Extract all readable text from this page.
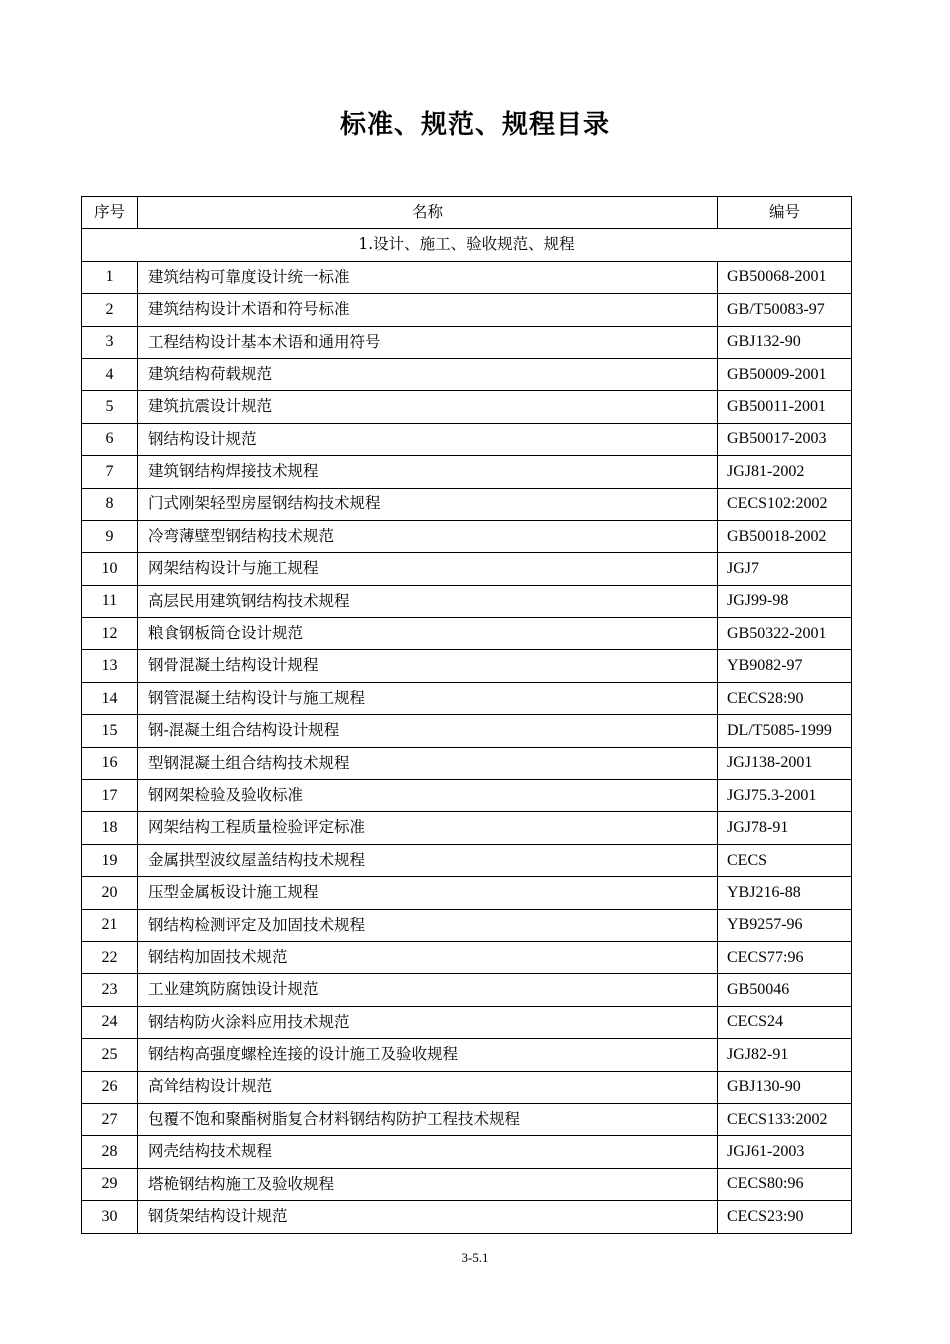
标准、规范、规程目录
序号	名称	编号
1.设计、施工、验收规范、规程		
1	建筑结构可靠度设计统一标准	GB50068-2001
2	建筑结构设计术语和符号标准	GB/T50083-97
3	工程结构设计基本术语和通用符号	GBJ132-90
4	建筑结构荷载规范	GB50009-2001
5	建筑抗震设计规范	GB50011-2001
6	钢结构设计规范	GB50017-2003
7	建筑钢结构焊接技术规程	JGJ81-2002
8	门式刚架轻型房屋钢结构技术规程	CECS102:2002
9	冷弯薄壁型钢结构技术规范	GB50018-2002
10	网架结构设计与施工规程	JGJ7
11	高层民用建筑钢结构技术规程	JGJ99-98
12	粮食钢板筒仓设计规范	GB50322-2001
13	钢骨混凝土结构设计规程	YB9082-97
14	钢管混凝土结构设计与施工规程	CECS28:90
15	钢-混凝土组合结构设计规程	DL/T5085-1999
16	型钢混凝土组合结构技术规程	JGJ138-2001
17	钢网架检验及验收标准	JGJ75.3-2001
18	网架结构工程质量检验评定标准	JGJ78-91
19	金属拱型波纹屋盖结构技术规程	CECS
20	压型金属板设计施工规程	YBJ216-88
21	钢结构检测评定及加固技术规程	YB9257-96
22	钢结构加固技术规范	CECS77:96
23	工业建筑防腐蚀设计规范	GB50046
24	钢结构防火涂料应用技术规范	CECS24
25	钢结构高强度螺栓连接的设计施工及验收规程	JGJ82-91
26	高耸结构设计规范	GBJ130-90
27	包覆不饱和聚酯树脂复合材料钢结构防护工程技术规程	CECS133:2002
28	网壳结构技术规程	JGJ61-2003
29	塔桅钢结构施工及验收规程	CECS80:96
30	钢货架结构设计规范	CECS23:90
3-5.1
